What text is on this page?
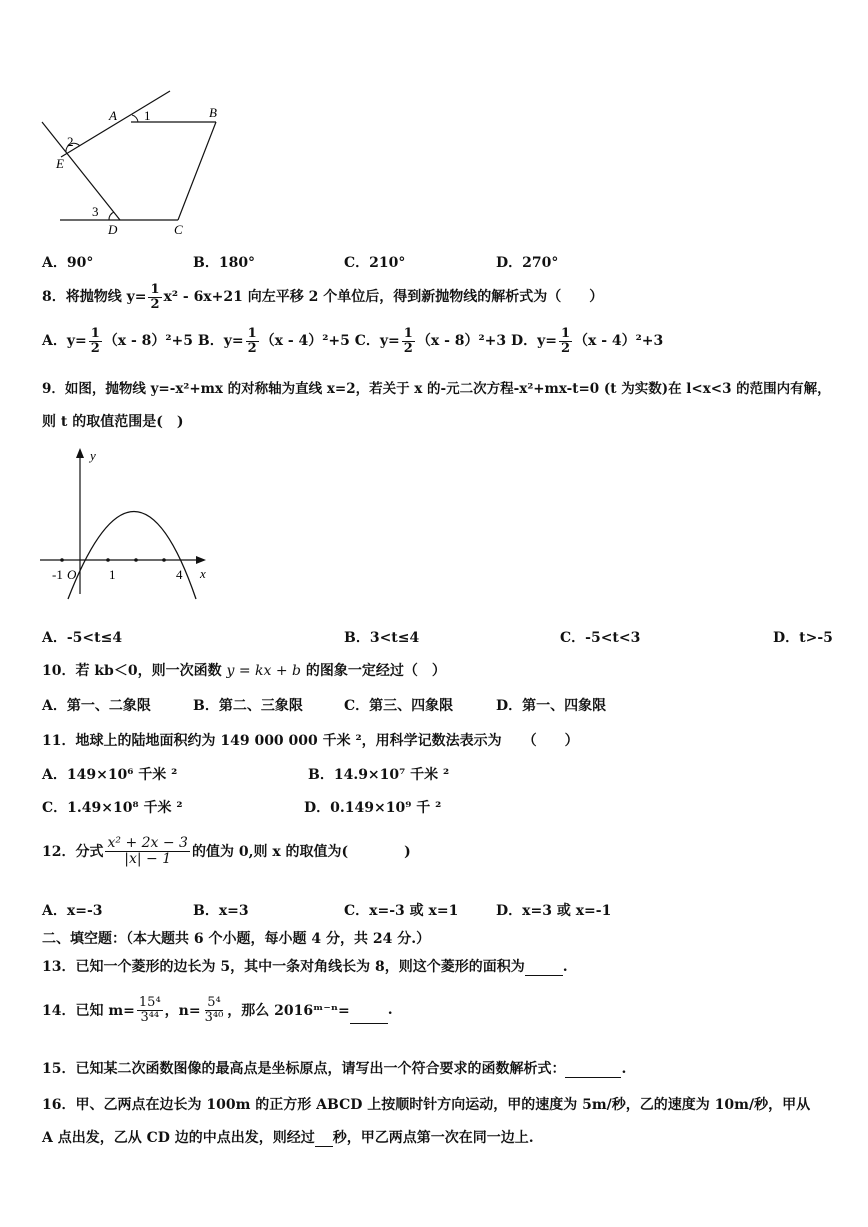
A 1	B
2
E
3
D	C
A．90°	B．180°	C．210°	D．270°
8．将抛物线 $y= \frac{1}{2} x^2 - 6x+21$ 向左平移 2 个单位后，得到新抛物线的解析式为（　　）
A．$y= \frac{1}{2} (x - 8)^2+5$ B．$y= \frac{1}{2} (x - 4)^2+5$ C．$y= \frac{1}{2} (x - 8)^2+3$ D．$y= \frac{1}{2} (x - 4)^2+3$
9．如图，抛物线 y=-x²+mx 的对称轴为直线 x=2，若关于 x 的-元二次方程-x²+mx-t=0 (t 为实数)在 l<x<3 的范围内有解，
则 t 的取值范围是(　)
y
x
-1 O	1	4
A．-5<t≤4	B．3<t≤4	C．-5<t<3	D．t>-5
10．若 kb＜0，则一次函数 y = kx + b 的图象一定经过（　）
A．第一、二象限	B．第二、三象限	C．第三、四象限	D．第一、四象限
11．地球上的陆地面积约为 149 000 000 千米 ²，用科学记数法表示为　　（　　）
A．149×10⁶ 千米 ²	B．14.9×10⁷ 千米 ²
C．1.49×10⁸ 千米 ²	D．0.149×10⁹ 千 ²
12．分式 $\frac{\text{x² + 2x − 3}}{|x| - 1}$ 的值为 0,则 x 的取值为(　　　　)
A．x=-3	B．x=3	C．x=-3 或 x=1	D．x=3 或 x=-1
二、填空题：（本大题共 6 个小题，每小题 4 分，共 24 分.）
13．已知一个菱形的边长为 5，其中一条对角线长为 8，则这个菱形的面积为	.
14．已知 $m= \frac{\text{15⁴}}{\text{3⁴⁴}}$ ，$n= \frac{\text{5⁴}}{\text{3⁴⁰}}$ ，那么 2016ᵐ⁻ⁿ=	.
15．已知某二次函数图像的最高点是坐标原点，请写出一个符合要求的函数解析式：	.
16．甲、乙两点在边长为 100m 的正方形 ABCD 上按顺时针方向运动，甲的速度为 5m/秒，乙的速度为 10m/秒，甲从
A 点出发，乙从 CD 边的中点出发，则经过 秒，甲乙两点第一次在同一边上.
